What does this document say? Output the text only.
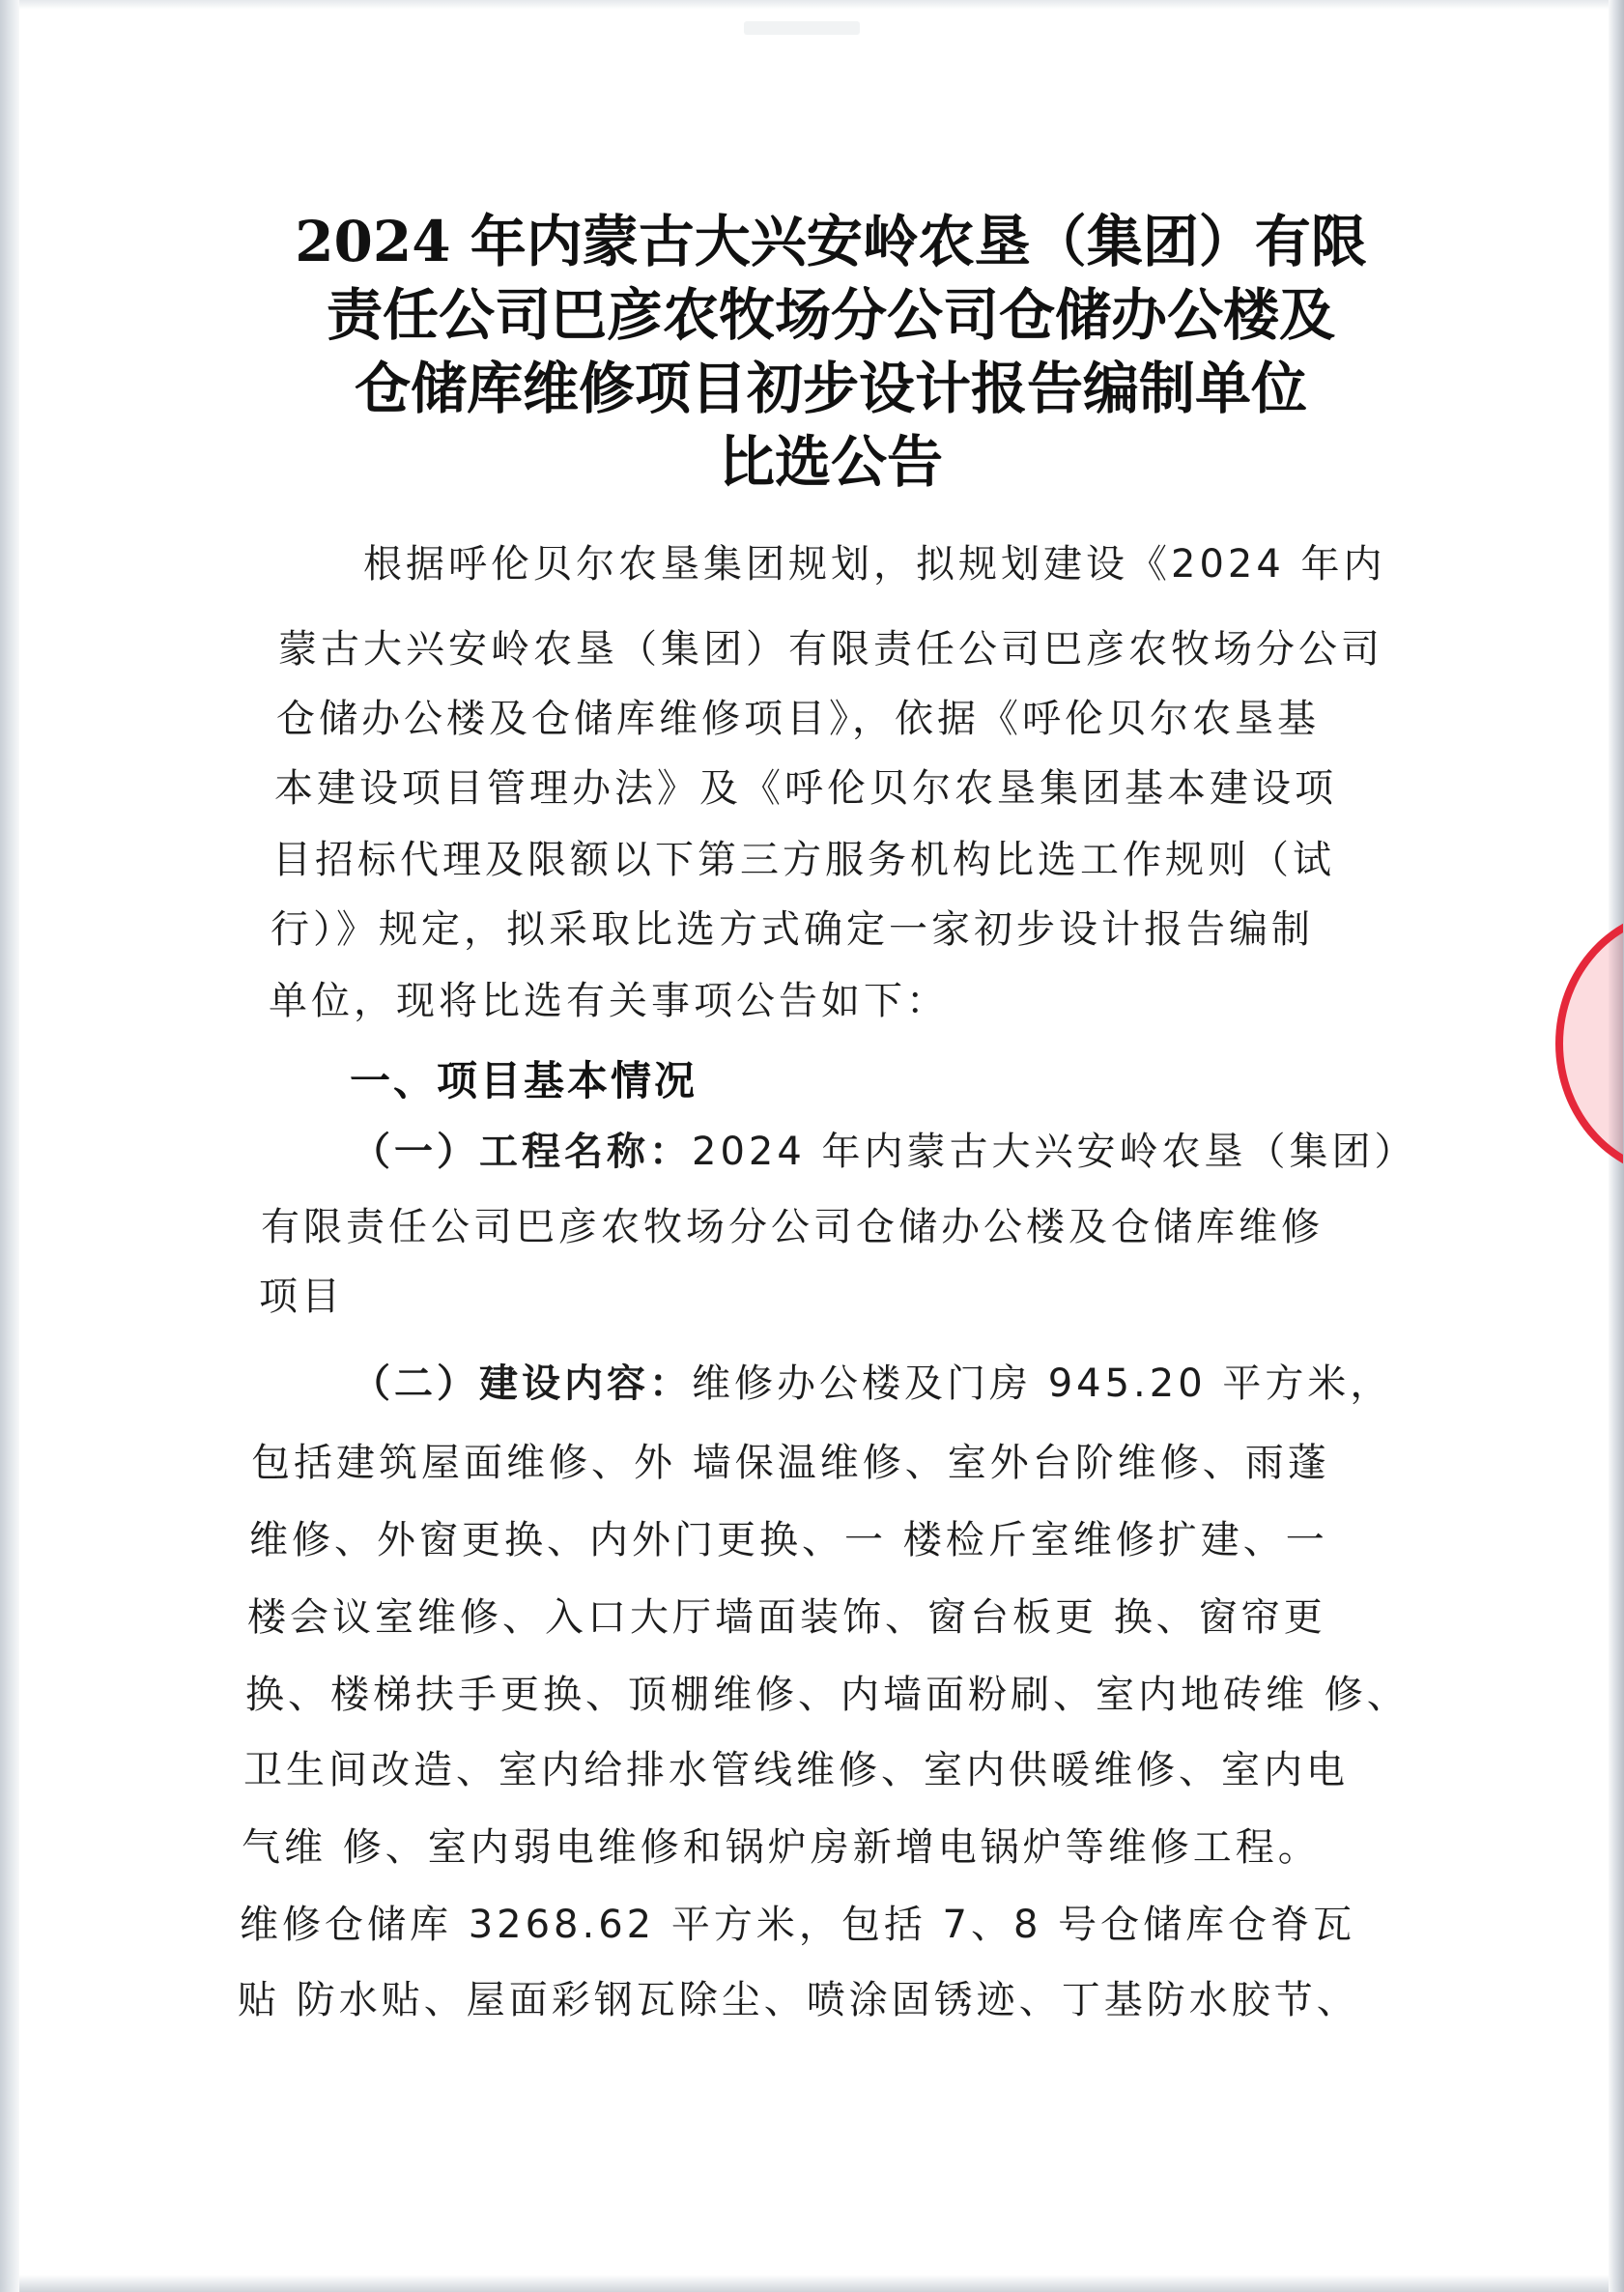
2024 年内蒙古大兴安岭农垦（集团）有限
责任公司巴彦农牧场分公司仓储办公楼及
仓储库维修项目初步设计报告编制单位
比选公告
根据呼伦贝尔农垦集团规划，拟规划建设《2024 年内
蒙古大兴安岭农垦（集团）有限责任公司巴彦农牧场分公司
仓储办公楼及仓储库维修项目》，依据《呼伦贝尔农垦基
本建设项目管理办法》及《呼伦贝尔农垦集团基本建设项
目招标代理及限额以下第三方服务机构比选工作规则（试
行）》规定，拟采取比选方式确定一家初步设计报告编制
单位，现将比选有关事项公告如下：
一、项目基本情况
（一）工程名称：2024 年内蒙古大兴安岭农垦（集团）
有限责任公司巴彦农牧场分公司仓储办公楼及仓储库维修
项目
（二）建设内容：维修办公楼及门房 945.20 平方米，
包括建筑屋面维修、外 墙保温维修、室外台阶维修、雨蓬
维修、外窗更换、内外门更换、一 楼检斤室维修扩建、一
楼会议室维修、入口大厅墙面装饰、窗台板更 换、窗帘更
换、楼梯扶手更换、顶棚维修、内墙面粉刷、室内地砖维 修、
卫生间改造、室内给排水管线维修、室内供暖维修、室内电
气维 修、室内弱电维修和锅炉房新增电锅炉等维修工程。
维修仓储库 3268.62 平方米，包括 7、8 号仓储库仓脊瓦
贴 防水贴、屋面彩钢瓦除尘、喷涂固锈迹、丁基防水胶节、
